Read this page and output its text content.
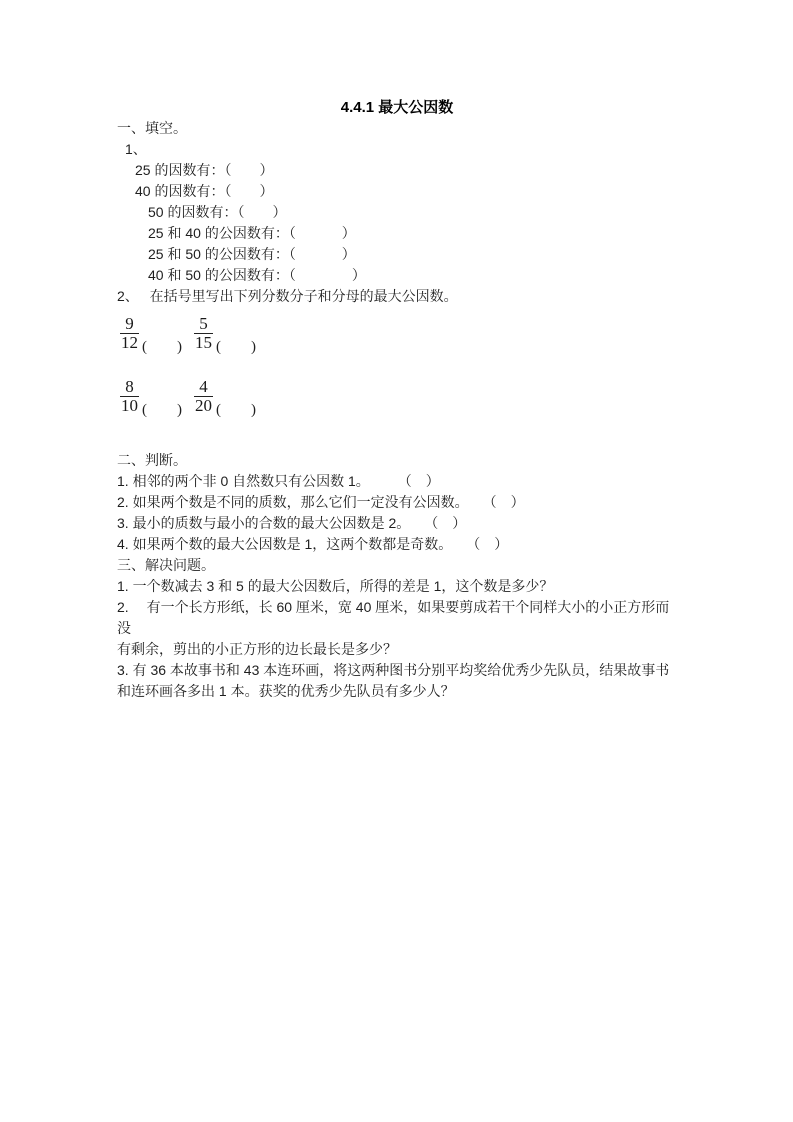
4.4.1 最大公因数
一、填空。
1、
25 的因数有：（　　）
40 的因数有：（　　）
50 的因数有：（　　）
25 和 40 的公因数有：（　　　 ）
25 和 50 的公因数有：（　　　 ）
40 和 50 的公因数有：（　　　　）
2、　 在括号里写出下列分数分子和分母的最大公因数。
$\frac{9}{12}$ (　　) $\frac{5}{15}$ (　　)
$\frac{8}{10}$ (　　) $\frac{4}{20}$ (　　)
二、判断。
1. 相邻的两个非 0 自然数只有公因数 1。　　　（　）
2. 如果两个数是不同的质数，那么它们一定没有公因数。　　（　）
3. 最小的质数与最小的合数的最大公因数是 2。　　（　）
4. 如果两个数的最大公因数是 1，这两个数都是奇数。　　（　）
三、解决问题。
1. 一个数减去 3 和 5 的最大公因数后，所得的差是 1，这个数是多少？
2.　 有一个长方形纸，长 60 厘米，宽 40 厘米，如果要剪成若干个同样大小的小正方形而没
有剩余，剪出的小正方形的边长最长是多少？
3. 有 36 本故事书和 43 本连环画，将这两种图书分别平均奖给优秀少先队员，结果故事书
和连环画各多出 1 本。获奖的优秀少先队员有多少人？
